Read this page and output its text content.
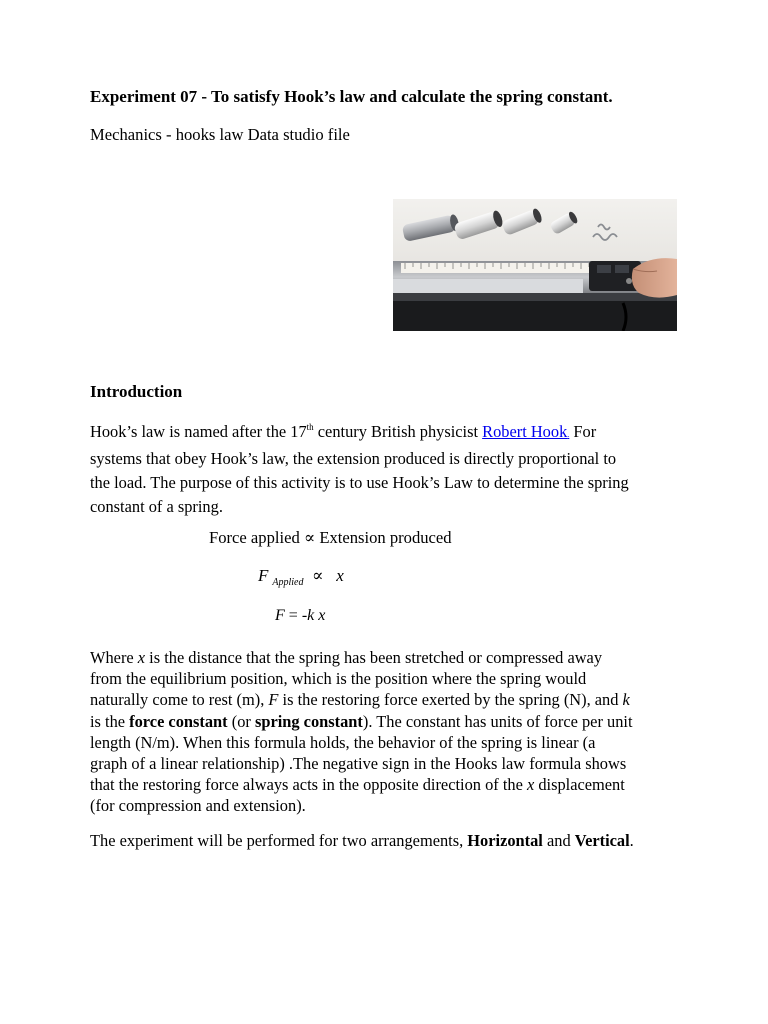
Experiment 07 - To satisfy Hook’s law and calculate the spring constant.
Mechanics - hooks law Data studio file
Introduction
Hook’s law is named after the 17th century British physicist Robert Hook. For
systems that obey Hook’s law, the extension produced is directly proportional to
the load. The purpose of this activity is to use Hook’s Law to determine the spring
constant of a spring.
Force applied ∝ Extension produced
F $_{Applied}$ ∝ x
F = -k x
Where x is the distance that the spring has been stretched or compressed away
from the equilibrium position, which is the position where the spring would
naturally come to rest (m), F is the restoring force exerted by the spring (N), and k
is the force constant (or spring constant). The constant has units of force per unit
length (N/m). When this formula holds, the behavior of the spring is linear (a
graph of a linear relationship) .The negative sign in the Hooks law formula shows
that the restoring force always acts in the opposite direction of the x displacement
(for compression and extension).
The experiment will be performed for two arrangements, Horizontal and Vertical.
